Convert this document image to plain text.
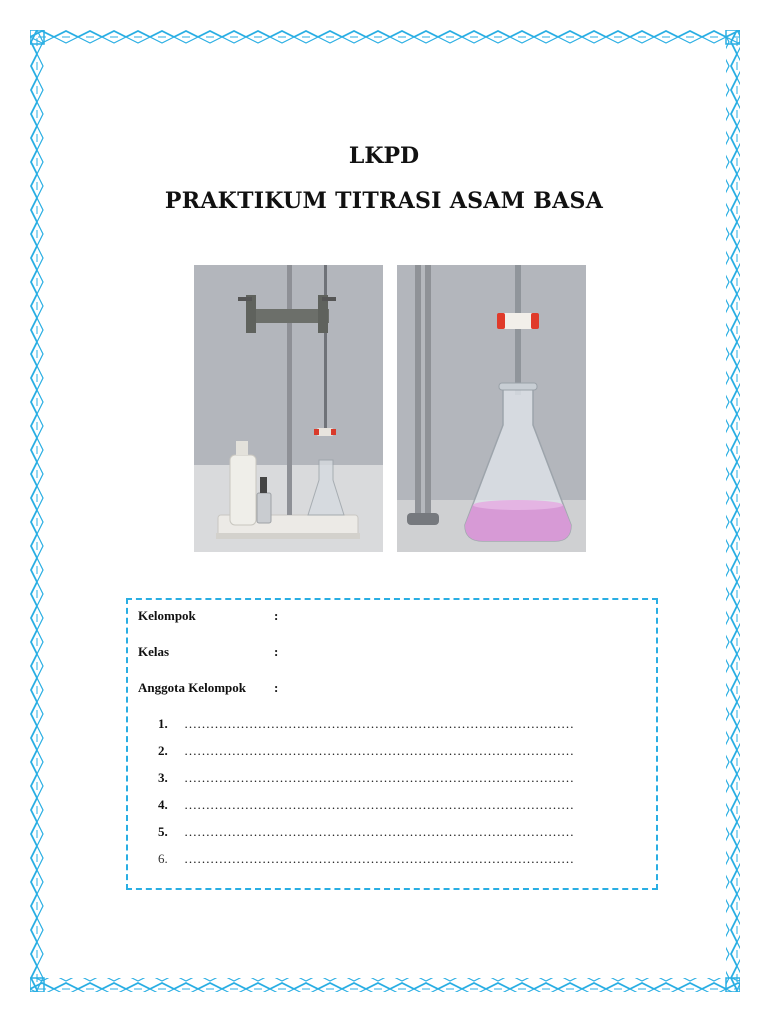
LKPD
PRAKTIKUM TITRASI ASAM BASA
Kelompok	:
Kelas	:
Anggota Kelompok :
1. ………………………………………………………………………………
2. ………………………………………………………………………………
3. ………………………………………………………………………………
4. ………………………………………………………………………………
5. ………………………………………………………………………………
6. ………………………………………………………………………………
